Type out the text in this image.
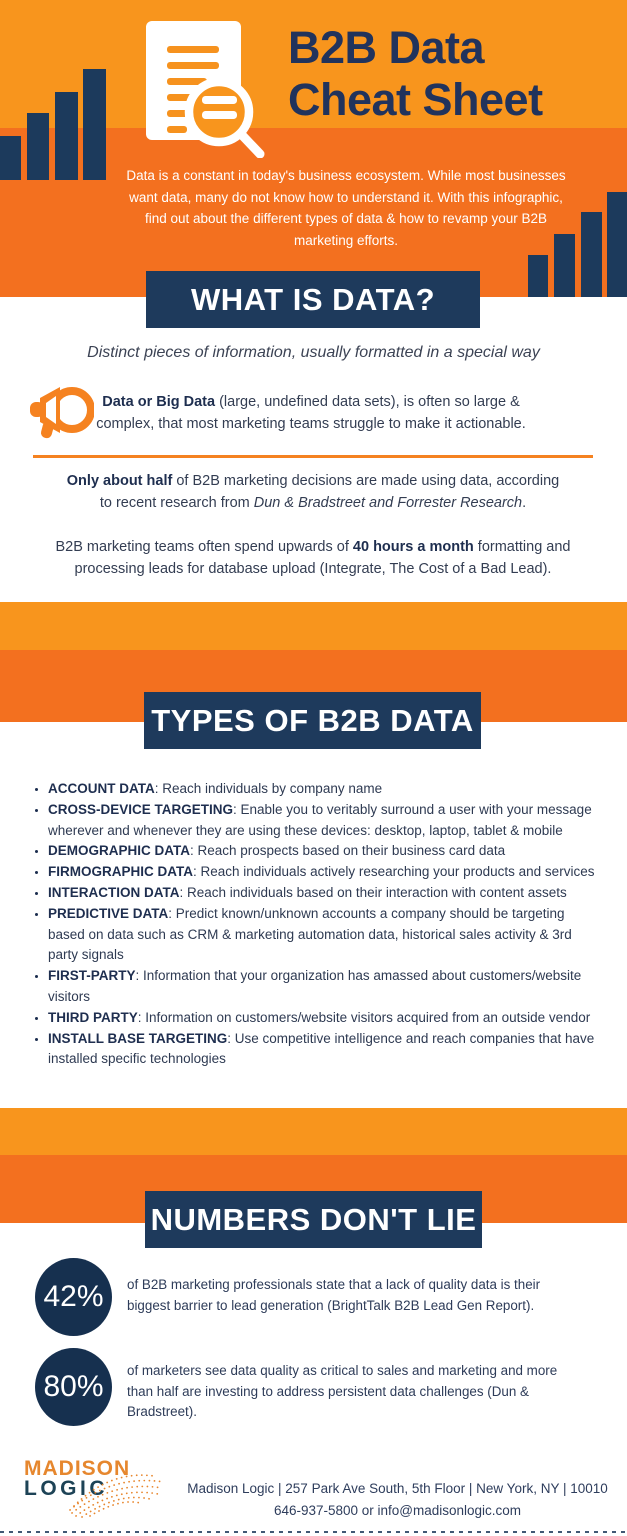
B2B Data
Cheat Sheet
Data is a constant in today's business ecosystem. While most businesses
want data, many do not know how to understand it. With this infographic,
find out about the different types of data & how to revamp your B2B
marketing efforts.
WHAT IS DATA?
Distinct pieces of information, usually formatted in a special way
Data or Big Data (large, undefined data sets), is often so large &
complex, that most marketing teams struggle to make it actionable.
Only about half of B2B marketing decisions are made using data, according
to recent research from Dun & Bradstreet and Forrester Research.
B2B marketing teams often spend upwards of 40 hours a month formatting and
processing leads for database upload (Integrate, The Cost of a Bad Lead).
TYPES OF B2B DATA
• ACCOUNT DATA: Reach individuals by company name
• CROSS-DEVICE TARGETING: Enable you to veritably surround a user with your message
wherever and whenever they are using these devices: desktop, laptop, tablet & mobile
• DEMOGRAPHIC DATA: Reach prospects based on their business card data
• FIRMOGRAPHIC DATA: Reach individuals actively researching your products and services
• INTERACTION DATA: Reach individuals based on their interaction with content assets
• PREDICTIVE DATA: Predict known/unknown accounts a company should be targeting
based on data such as CRM & marketing automation data, historical sales activity & 3rd
party signals
• FIRST-PARTY: Information that your organization has amassed about customers/website
visitors
• THIRD PARTY: Information on customers/website visitors acquired from an outside vendor
• INSTALL BASE TARGETING: Use competitive intelligence and reach companies that have
installed specific technologies
NUMBERS DON'T LIE
42%	of B2B marketing professionals state that a lack of quality data is their
biggest barrier to lead generation (BrightTalk B2B Lead Gen Report).
80%	of marketers see data quality as critical to sales and marketing and more
than half are investing to address persistent data challenges (Dun &
Bradstreet).
MADISON
LOGIC	Madison Logic | 257 Park Ave South, 5th Floor | New York, NY | 10010
646-937-5800 or info@madisonlogic.com
